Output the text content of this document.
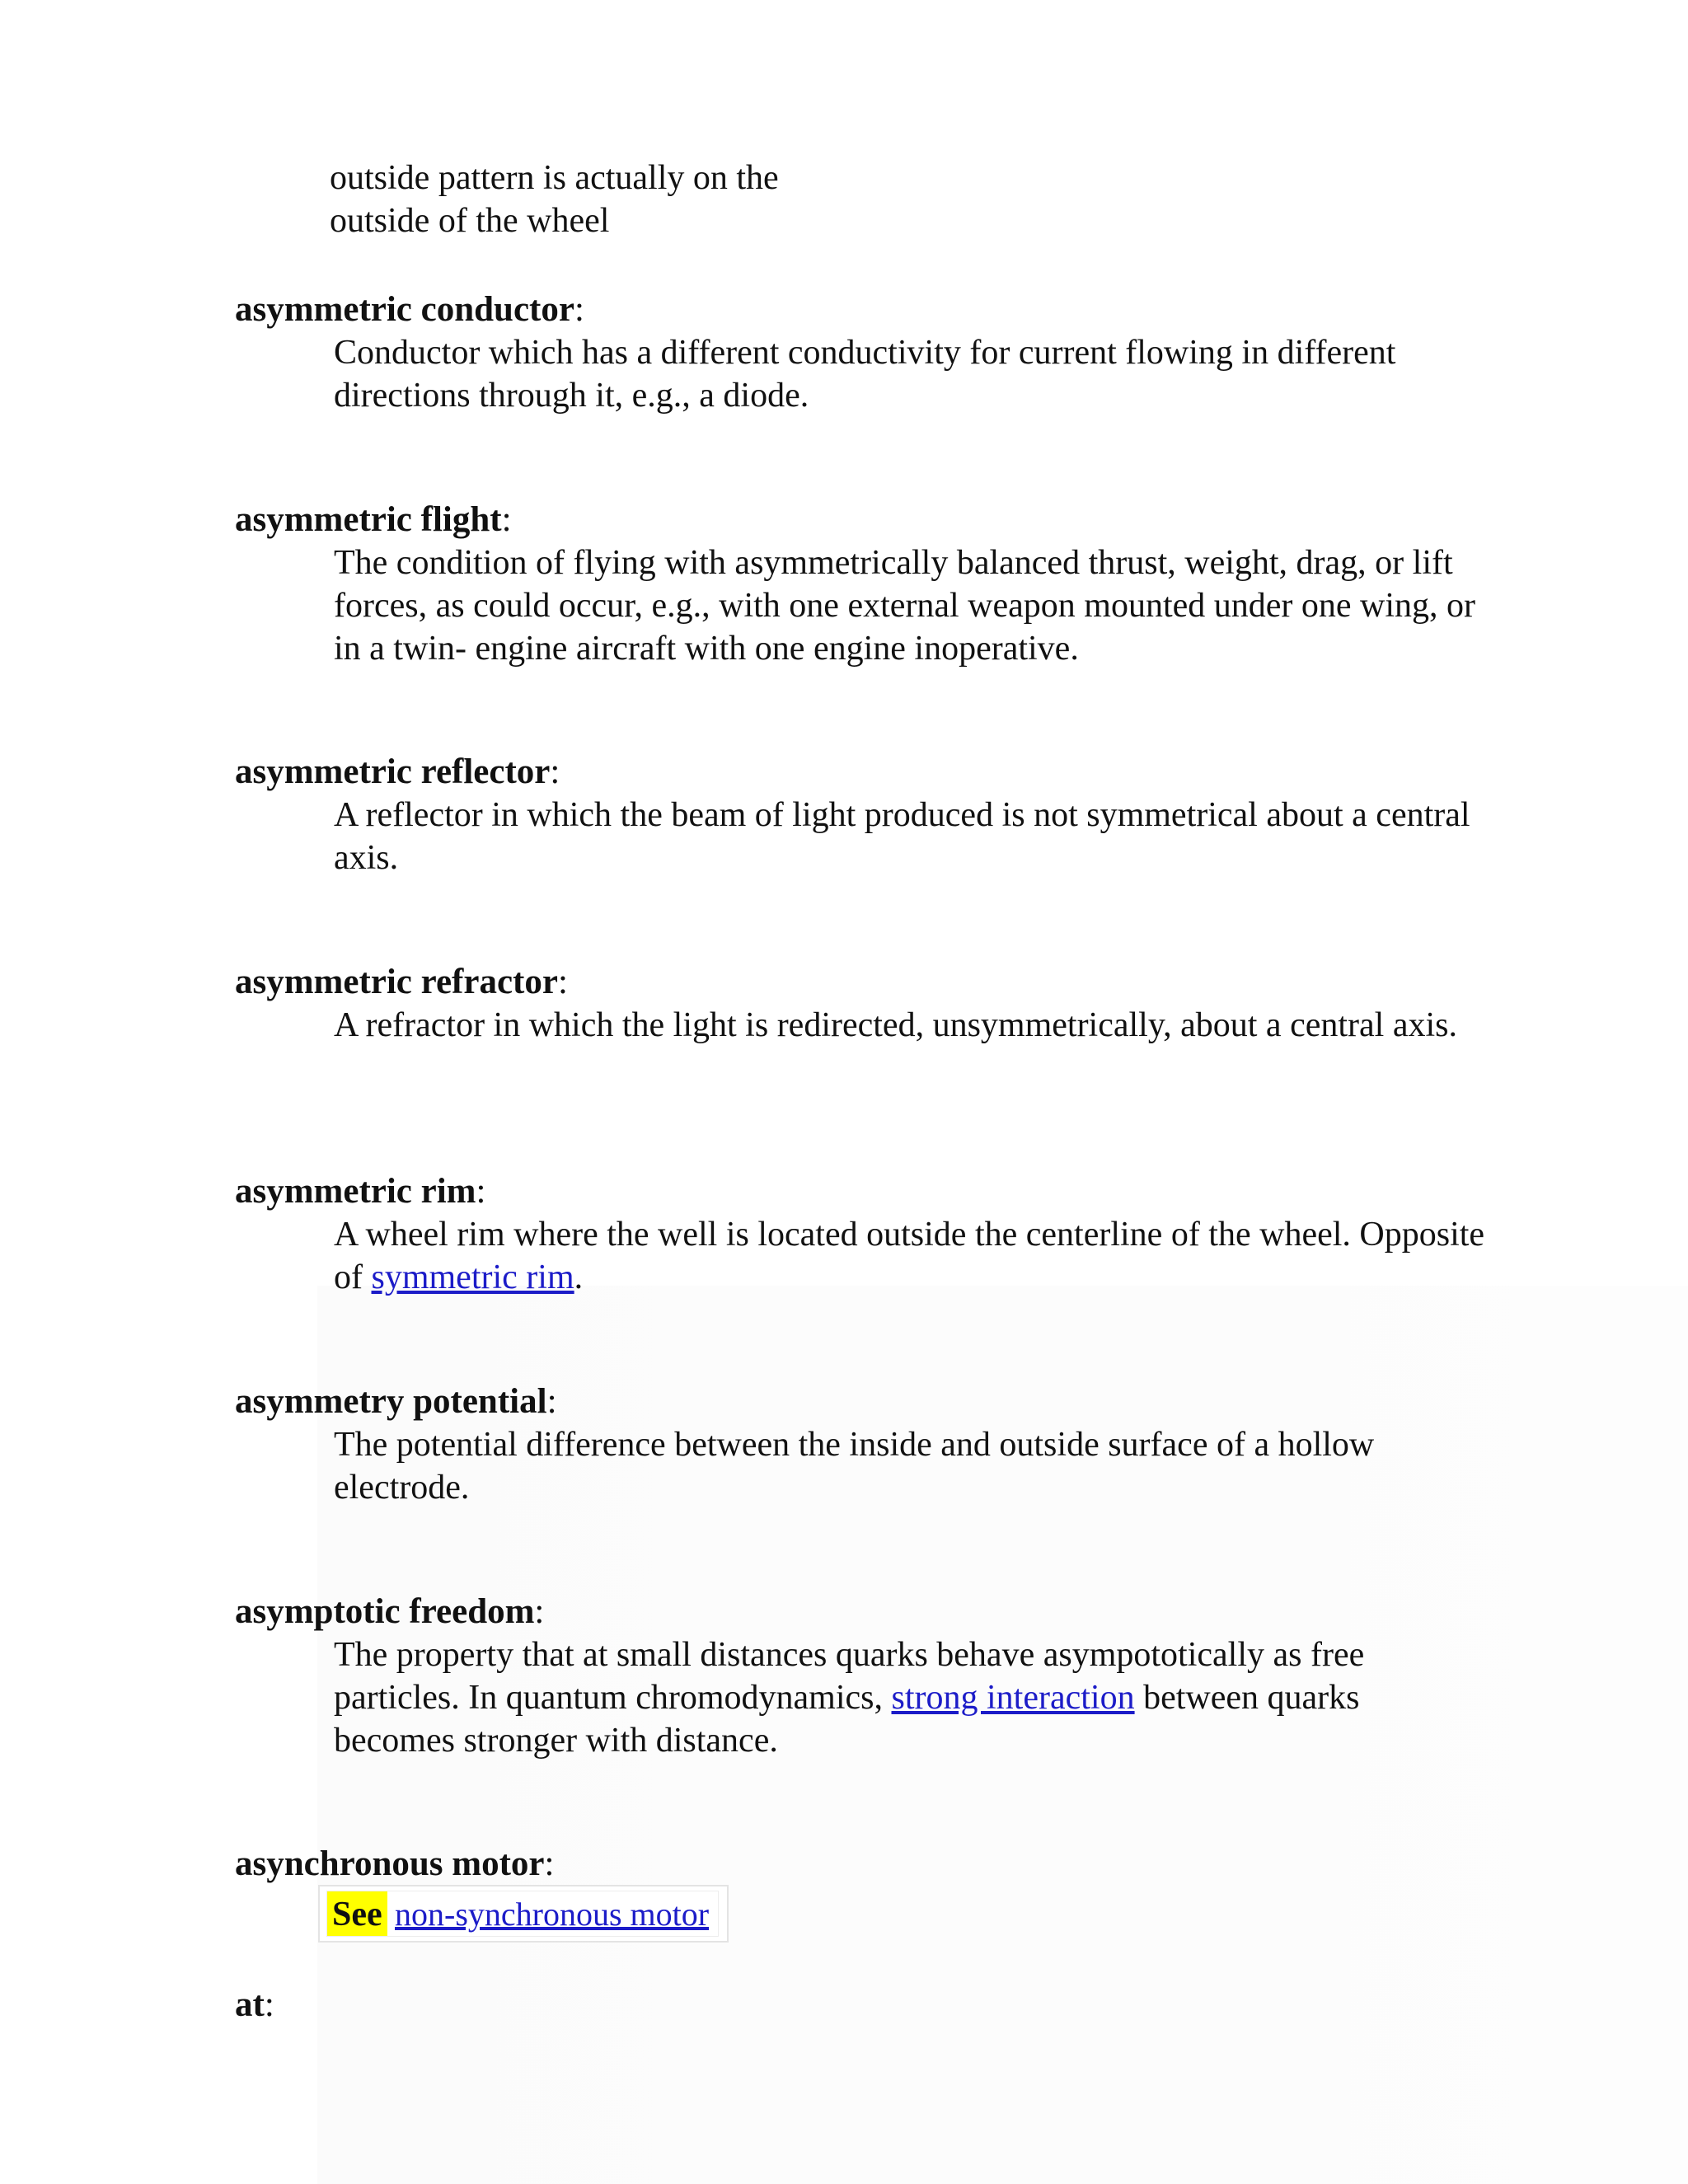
outside pattern is actually on the
outside of the wheel
asymmetric conductor:
Conductor which has a different conductivity for current flowing in different directions through it, e.g., a diode.
asymmetric flight:
The condition of flying with asymmetrically balanced thrust, weight, drag, or lift forces, as could occur, e.g., with one external weapon mounted under one wing, or in a twin- engine aircraft with one engine inoperative.
asymmetric reflector:
A reflector in which the beam of light produced is not symmetrical about a central axis.
asymmetric refractor:
A refractor in which the light is redirected, unsymmetrically, about a central axis.
asymmetric rim:
A wheel rim where the well is located outside the centerline of the wheel. Opposite of symmetric rim.
asymmetry potential:
The potential difference between the inside and outside surface of a hollow electrode.
asymptotic freedom:
The property that at small distances quarks behave asympototically as free particles. In quantum chromodynamics, strong interaction between quarks becomes stronger with distance.
asynchronous motor:
See non-synchronous motor
at:
